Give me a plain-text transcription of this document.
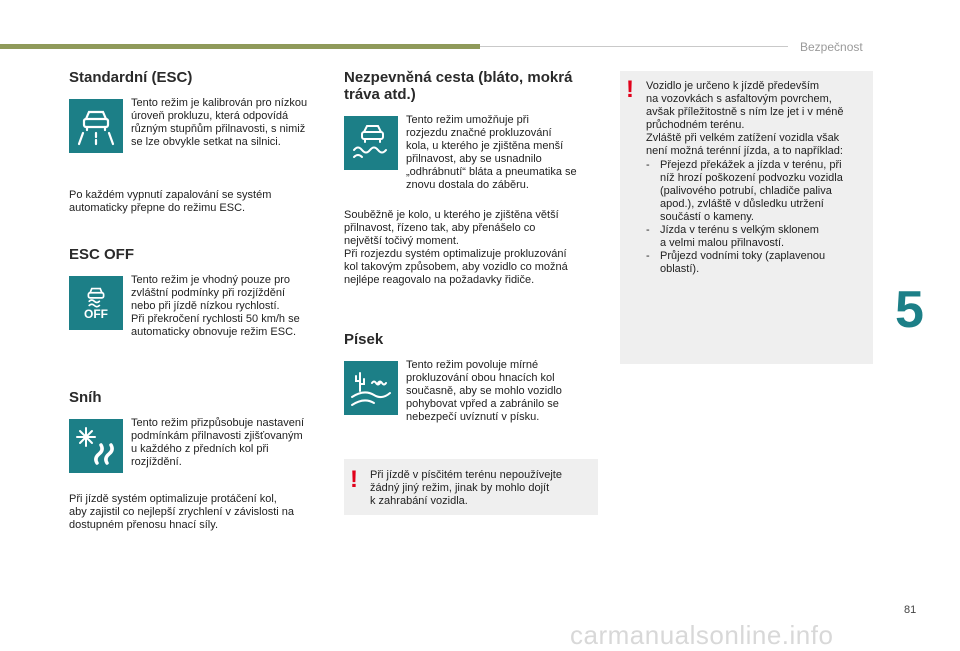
Bezpečnost
5
Standardní (ESC)

Tento režim je kalibrován pro nízkou
úroveň prokluzu, která odpovídá
různým stupňům přilnavosti, s nimiž
se lze obvykle setkat na silnici.

Po každém vypnutí zapalování se systém
automaticky přepne do režimu ESC.

ESC OFF
OFF

Tento režim je vhodný pouze pro
zvláštní podmínky při rozjíždění
nebo při jízdě nízkou rychlostí.
Při překročení rychlosti 50 km/h se
automaticky obnovuje režim ESC.

Sníh

Tento režim přizpůsobuje nastavení
podmínkám přilnavosti zjišťovaným
u každého z předních kol při
rozjíždění.

Při jízdě systém optimalizuje protáčení kol,
aby zajistil co nejlepší zrychlení v závislosti na
dostupném přenosu hnací síly.

Nezpevněná cesta (bláto, mokrá
tráva atd.)

Tento režim umožňuje při
rozjezdu značné prokluzování
kola, u kterého je zjištěna menší
přilnavost, aby se usnadnilo
„odhrábnutí“ bláta a pneumatika se
znovu dostala do záběru.

Souběžně je kolo, u kterého je zjištěna větší
přilnavost, řízeno tak, aby přenášelo co
největší točivý moment.
Při rozjezdu systém optimalizuje prokluzování
kol takovým způsobem, aby vozidlo co možná
nejlépe reagovalo na požadavky řidiče.

Písek

Tento režim povoluje mírné
prokluzování obou hnacích kol
současně, aby se mohlo vozidlo
pohybovat vpřed a zabránilo se
nebezpečí uvíznutí v písku.

!	Při jízdě v písčitém terénu nepoužívejte
žádný jiný režim, jinak by mohlo dojít
k zahrabání vozidla.

!	Vozidlo je určeno k jízdě především
na vozovkách s asfaltovým povrchem,
avšak příležitostně s ním lze jet i v méně
průchodném terénu.
Zvláště při velkém zatížení vozidla však
není možná terénní jízda, a to například:

- Přejezd překážek a jízda v terénu, při
níž hrozí poškození podvozku vozidla
(palivového potrubí, chladiče paliva
apod.), zvláště v důsledku utržení
součástí o kameny.
- Jízda v terénu s velkým sklonem
a velmi malou přilnavostí.
- Průjezd vodními toky (zaplavenou
oblastí).
81
carmanualsonline.info
